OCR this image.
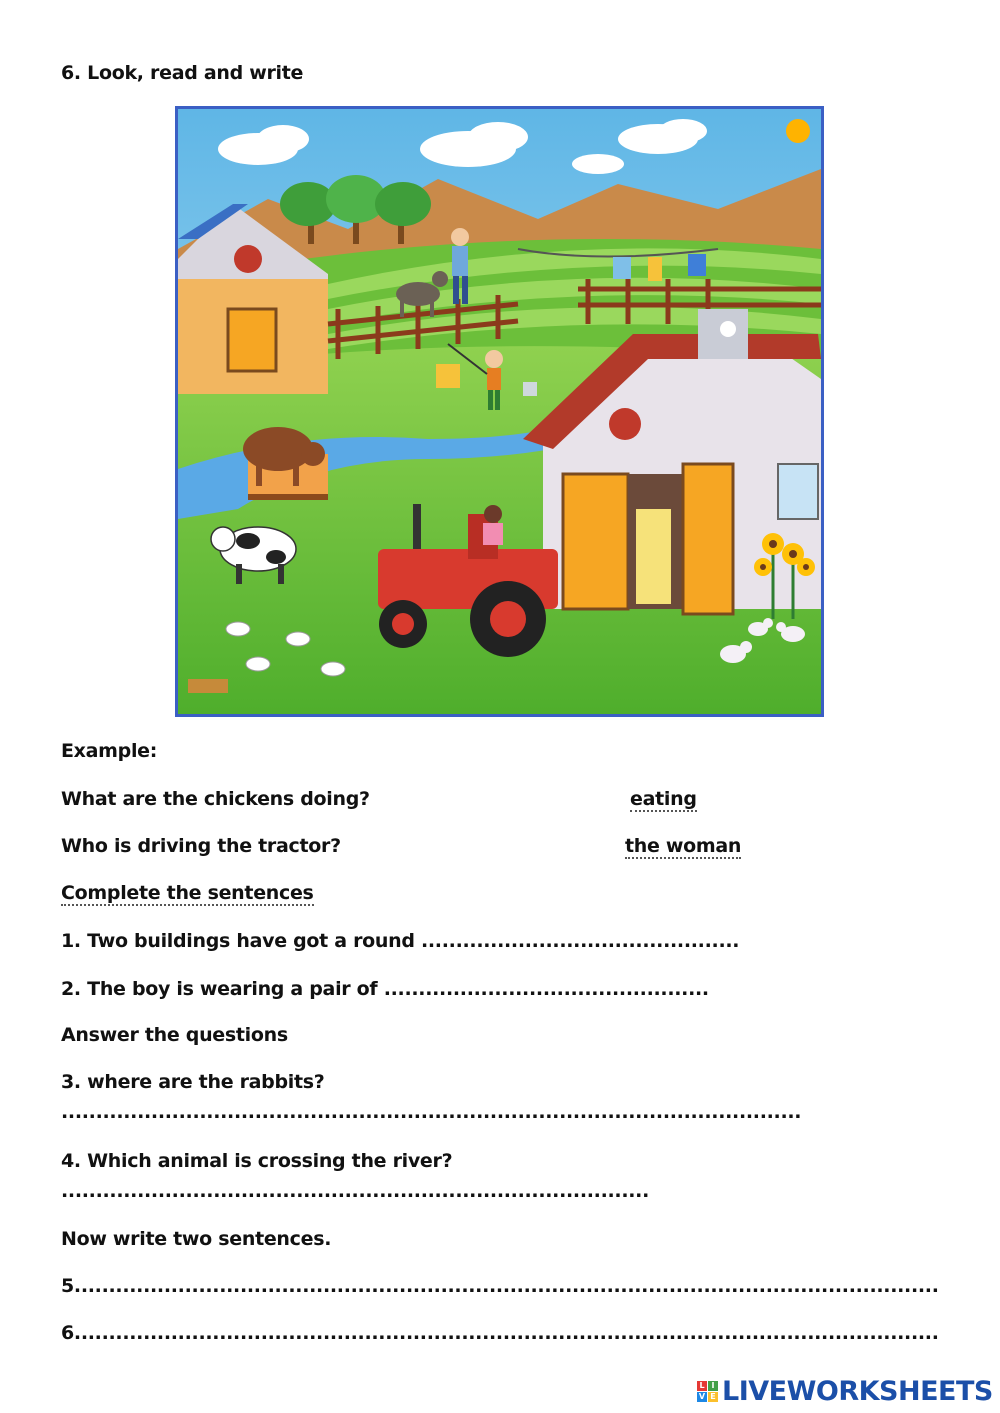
6. Look, read and write
Example:
What are the chickens doing?	eating
Who is driving the tractor?	the woman
Complete the sentences
1. Two buildings have got a round ..............................................
2. The boy is wearing a pair of ...............................................
Answer the questions
3. where are the rabbits?
...........................................................................................................
4. Which animal is crossing the river?
.....................................................................................
Now write two sentences.
5.............................................................................................................................
6.............................................................................................................................
L I
V E LIVEWORKSHEETS
